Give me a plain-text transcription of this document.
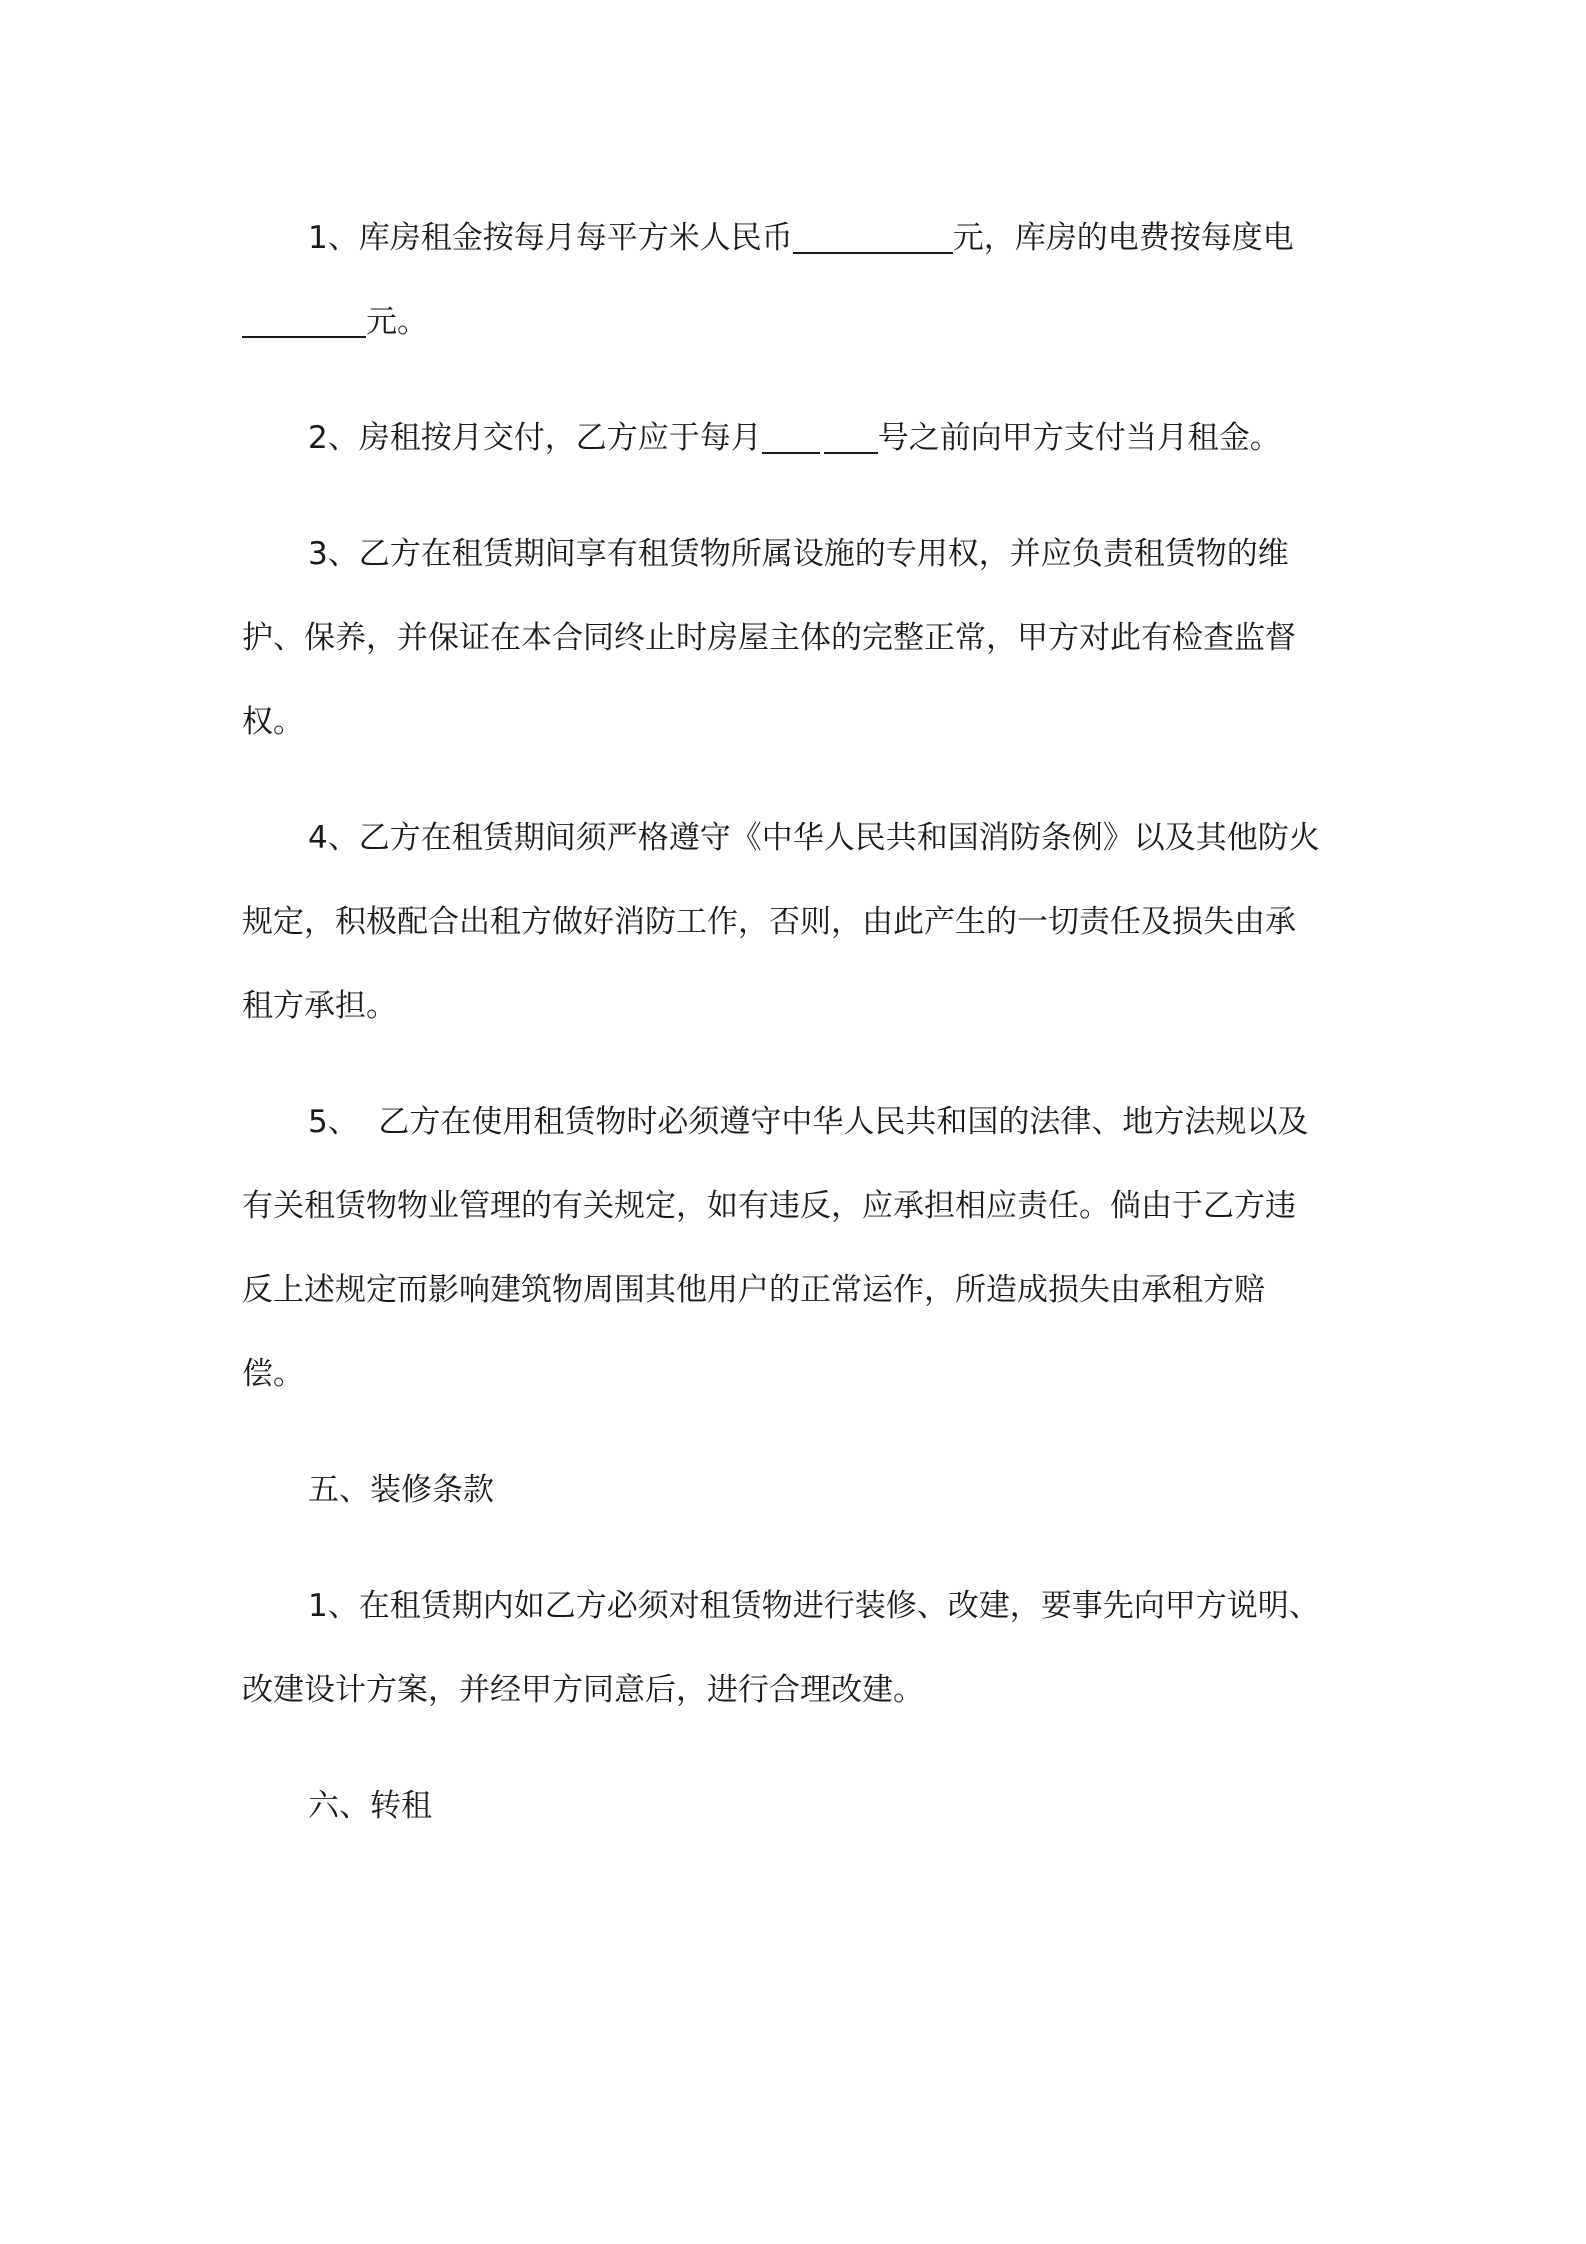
1、库房租金按每月每平方米人民币	元，库房的电费按每度电
元。
2、房租按月交付，乙方应于每月	号之前向甲方支付当月租金。
3、乙方在租赁期间享有租赁物所属设施的专用权，并应负责租赁物的维
护、保养，并保证在本合同终止时房屋主体的完整正常，甲方对此有检查监督
权。
4、乙方在租赁期间须严格遵守《中华人民共和国消防条例》以及其他防火
规定，积极配合出租方做好消防工作，否则，由此产生的一切责任及损失由承
租方承担。
5、  乙方在使用租赁物时必须遵守中华人民共和国的法律、地方法规以及
有关租赁物物业管理的有关规定，如有违反，应承担相应责任。倘由于乙方违
反上述规定而影响建筑物周围其他用户的正常运作，所造成损失由承租方赔
偿。
五、装修条款
1、在租赁期内如乙方必须对租赁物进行装修、改建，要事先向甲方说明、
改建设计方案，并经甲方同意后，进行合理改建。
六、转租
